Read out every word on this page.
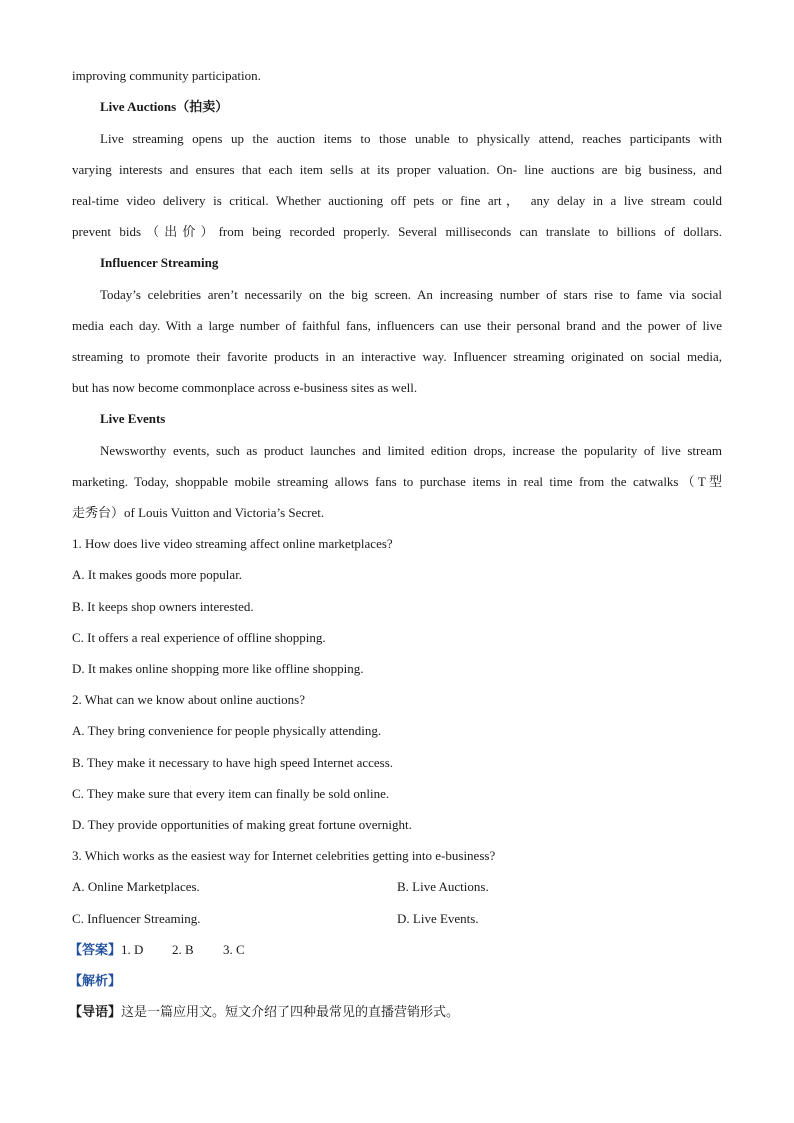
improving community participation.
Live Auctions（拍卖）
Live streaming opens up the auction items to those unable to physically attend, reaches participants with
varying interests and ensures that each item sells at its proper valuation. On- line auctions are big business, and
real-time video delivery is critical. Whether auctioning off pets or fine art， any delay in a live stream could
prevent bids（出价）from being recorded properly. Several milliseconds can translate to billions of dollars.
Influencer Streaming
Today’s celebrities aren’t necessarily on the big screen. An increasing number of stars rise to fame via social
media each day. With a large number of faithful fans, influencers can use their personal brand and the power of live
streaming to promote their favorite products in an interactive way. Influencer streaming originated on social media,
but has now become commonplace across e-business sites as well.
Live Events
Newsworthy events, such as product launches and limited edition drops, increase the popularity of live stream
marketing. Today, shoppable mobile streaming allows fans to purchase items in real time from the catwalks（T型
走秀台）of Louis Vuitton and Victoria’s Secret.
1. How does live video streaming affect online marketplaces?
A. It makes goods more popular.
B. It keeps shop owners interested.
C. It offers a real experience of offline shopping.
D. It makes online shopping more like offline shopping.
2. What can we know about online auctions?
A. They bring convenience for people physically attending.
B. They make it necessary to have high speed Internet access.
C. They make sure that every item can finally be sold online.
D. They provide opportunities of making great fortune overnight.
3. Which works as the easiest way for Internet celebrities getting into e-business?
A. Online Marketplaces.	B. Live Auctions.
C. Influencer Streaming.	D. Live Events.
【答案】1. D 2. B 3. C
【解析】
【导语】这是一篇应用文。短文介绍了四种最常见的直播营销形式。
